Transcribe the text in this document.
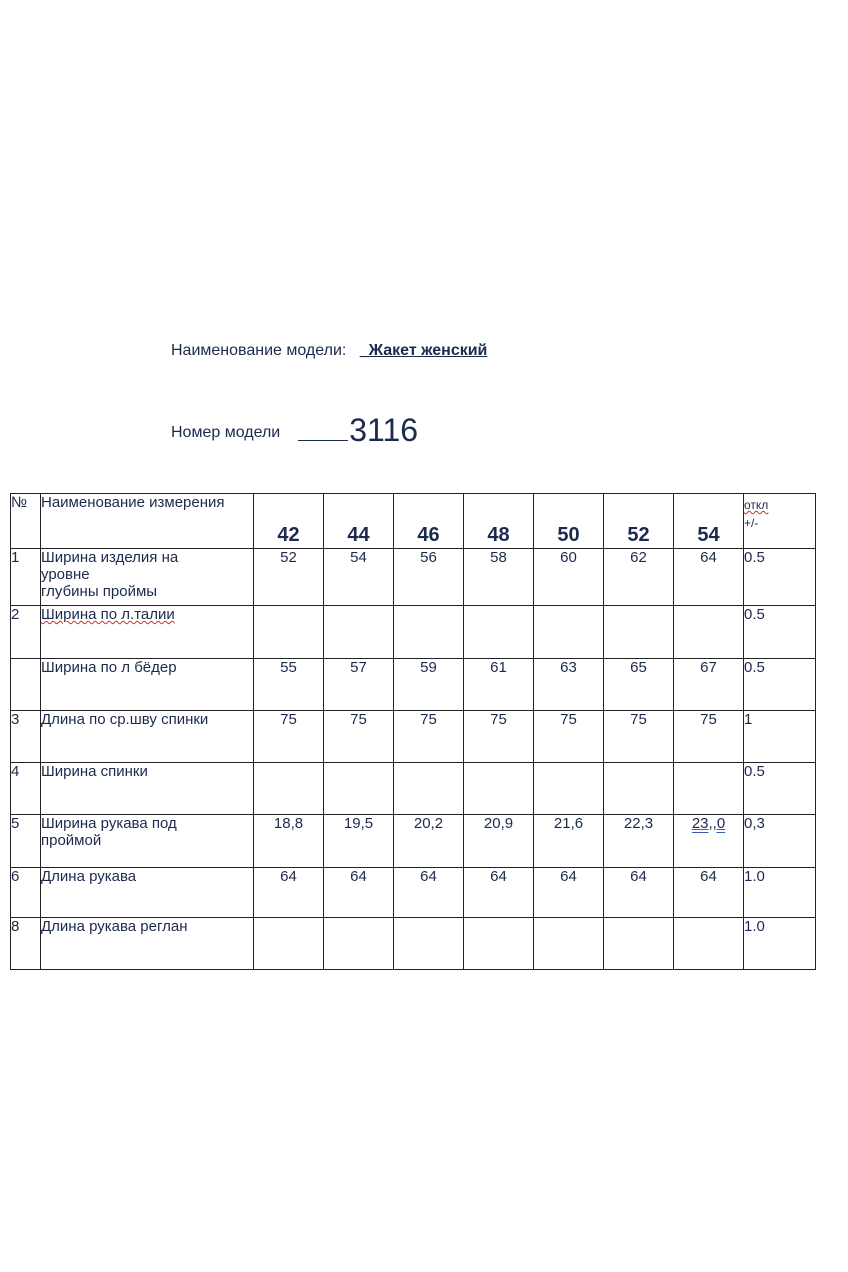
Наименование модели: _Жакет женский
Номер модели 3116
№	Наименование измерения	42	44	46	48	50	52	54	откл
+/-

1	Ширина изделия на
уровне
глубины проймы	52	54	56	58	60	62	64	0.5
2	Ширина по л.талии								0.5
	Ширина по л бёдер	55	57	59	61	63	65	67	0.5
3	Длина по ср.шву спинки	75	75	75	75	75	75	75	1
4	Ширина спинки								0.5
5	Ширина рукава под
проймой	18,8	19,5	20,2	20,9	21,6	22,3	23,,0	0,3
6	Длина рукава	64	64	64	64	64	64	64	1.0
8	Длина рукава реглан								1.0
